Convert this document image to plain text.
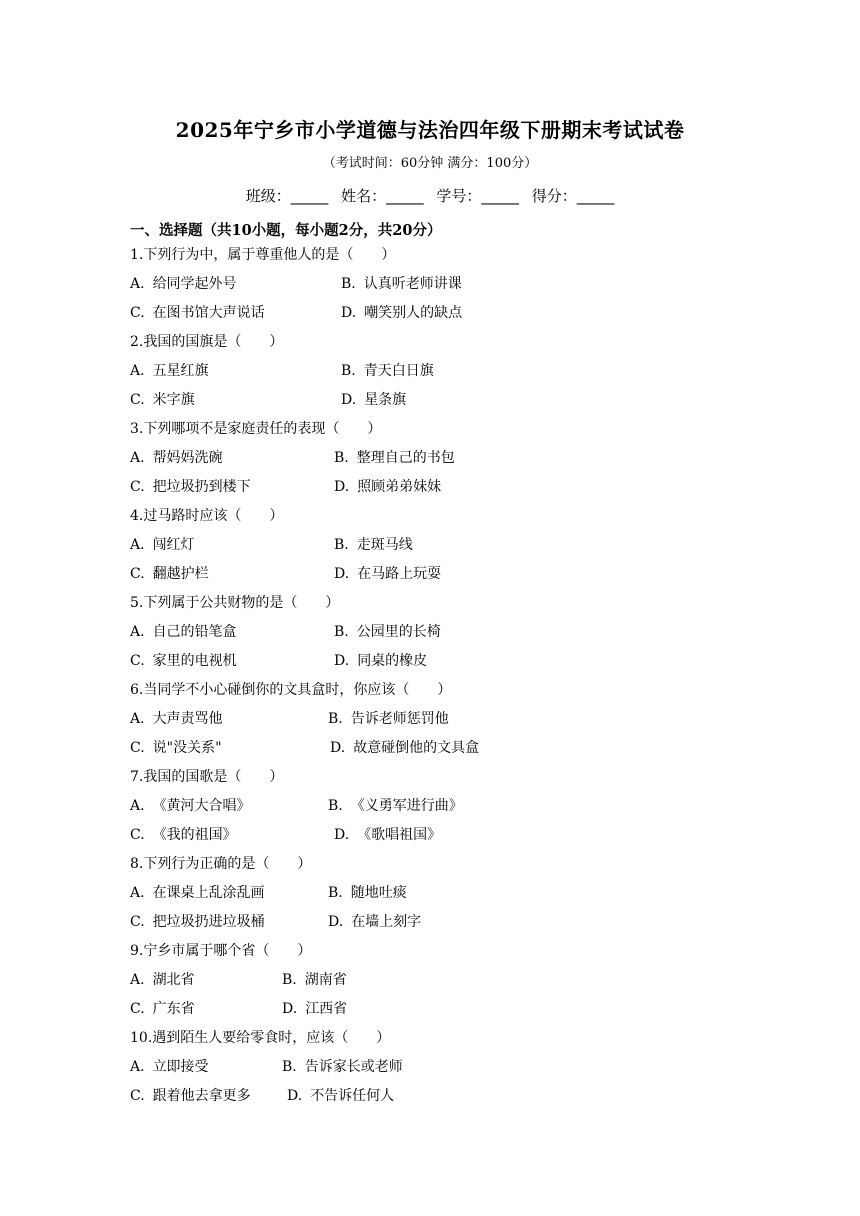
2025年宁乡市小学道德与法治四年级下册期末考试试卷
（考试时间：60分钟 满分：100分）
班级：_____ 姓名：_____ 学号：_____ 得分：_____
一、选择题（共10小题，每小题2分，共20分）
1.下列行为中，属于尊重他人的是（　　）
A. 给同学起外号	B. 认真听老师讲课
C. 在图书馆大声说话	D. 嘲笑别人的缺点
2.我国的国旗是（　　）
A. 五星红旗	B. 青天白日旗
C. 米字旗	D. 星条旗
3.下列哪项不是家庭责任的表现（　　）
A. 帮妈妈洗碗	B. 整理自己的书包
C. 把垃圾扔到楼下	D. 照顾弟弟妹妹
4.过马路时应该（　　）
A. 闯红灯	B. 走斑马线
C. 翻越护栏	D. 在马路上玩耍
5.下列属于公共财物的是（　　）
A. 自己的铅笔盒	B. 公园里的长椅
C. 家里的电视机	D. 同桌的橡皮
6.当同学不小心碰倒你的文具盒时，你应该（　　）
A. 大声责骂他	B. 告诉老师惩罚他
C. 说"没关系"	D. 故意碰倒他的文具盒
7.我国的国歌是（　　）
A. 《黄河大合唱》	B. 《义勇军进行曲》
C. 《我的祖国》	D. 《歌唱祖国》
8.下列行为正确的是（　　）
A. 在课桌上乱涂乱画	B. 随地吐痰
C. 把垃圾扔进垃圾桶	D. 在墙上刻字
9.宁乡市属于哪个省（　　）
A. 湖北省	B. 湖南省
C. 广东省	D. 江西省
10.遇到陌生人要给零食时，应该（　　）
A. 立即接受	B. 告诉家长或老师
C. 跟着他去拿更多	D. 不告诉任何人
